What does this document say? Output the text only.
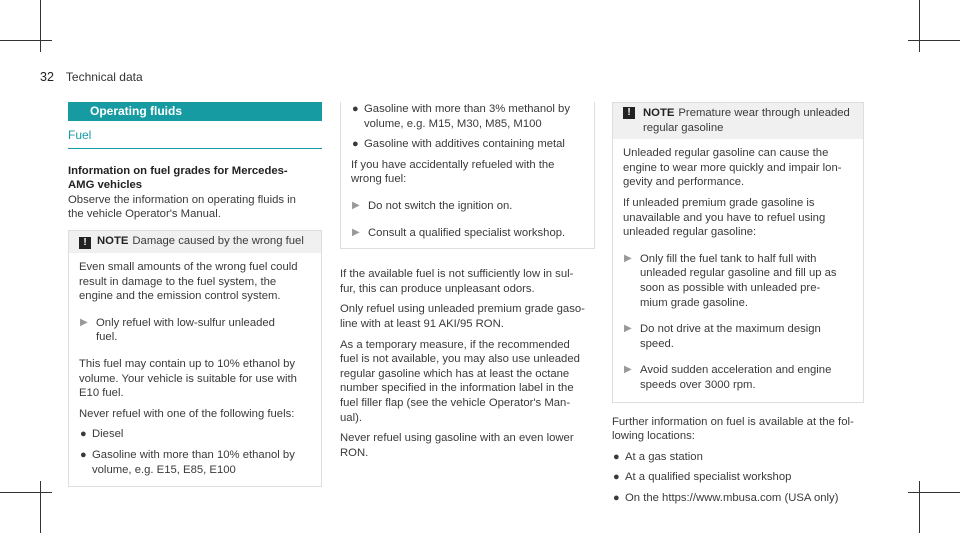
32 Technical data
Operating fluids
Fuel
Information on fuel grades for Mercedes-
AMG vehicles
Observe the information on operating fluids in
the vehicle Operator's Manual.
! NOTE Damage caused by the wrong fuel
Even small amounts of the wrong fuel could
result in damage to the fuel system, the
engine and the emission control system.
▶ Only refuel with low-sulfur unleaded
fuel.
This fuel may contain up to 10% ethanol by
volume. Your vehicle is suitable for use with
E10 fuel.
Never refuel with one of the following fuels:
● Diesel
● Gasoline with more than 10% ethanol by
volume, e.g. E15, E85, E100
● Gasoline with more than 3% methanol by
volume, e.g. M15, M30, M85, M100
● Gasoline with additives containing metal
If you have accidentally refueled with the
wrong fuel:
▶ Do not switch the ignition on.
▶ Consult a qualified specialist workshop.
If the available fuel is not sufficiently low in sul-
fur, this can produce unpleasant odors.
Only refuel using unleaded premium grade gaso-
line with at least 91 AKI/95 RON.
As a temporary measure, if the recommended
fuel is not available, you may also use unleaded
regular gasoline which has at least the octane
number specified in the information label in the
fuel filler flap (see the vehicle Operator's Man-
ual).
Never refuel using gasoline with an even lower
RON.
!	NOTE Premature wear through unleaded
regular gasoline
Unleaded regular gasoline can cause the
engine to wear more quickly and impair lon-
gevity and performance.
If unleaded premium grade gasoline is
unavailable and you have to refuel using
unleaded regular gasoline:
▶ Only fill the fuel tank to half full with
unleaded regular gasoline and fill up as
soon as possible with unleaded pre-
mium grade gasoline.
▶ Do not drive at the maximum design
speed.
▶ Avoid sudden acceleration and engine
speeds over 3000 rpm.
Further information on fuel is available at the fol-
lowing locations:
● At a gas station
● At a qualified specialist workshop
● On the https://www.mbusa.com (USA only)
